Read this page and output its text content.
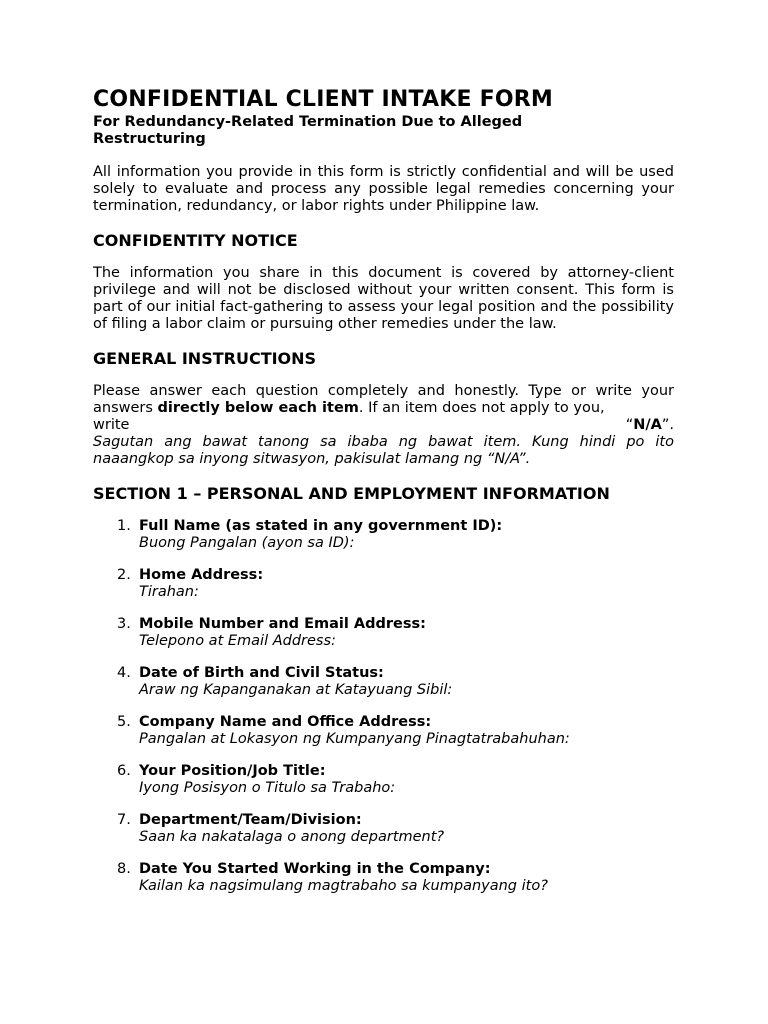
CONFIDENTIAL CLIENT INTAKE FORM
For Redundancy-Related Termination Due to Alleged Restructuring

All information you provide in this form is strictly confidential and will be used solely to evaluate and process any possible legal remedies concerning your termination, redundancy, or labor rights under Philippine law.

CONFIDENTITY NOTICE

The information you share in this document is covered by attorney-client privilege and will not be disclosed without your written consent. This form is part of our initial fact-gathering to assess your legal position and the possibility of filing a labor claim or pursuing other remedies under the law.

GENERAL INSTRUCTIONS

Please answer each question completely and honestly. Type or write your answers directly below each item. If an item does not apply to you,

write	“N/A”.

Sagutan ang bawat tanong sa ibaba ng bawat item. Kung hindi po ito naaangkop sa inyong sitwasyon, pakisulat lamang ng “N/A”.

SECTION 1 – PERSONAL AND EMPLOYMENT INFORMATION
1. Full Name (as stated in any government ID):
Buong Pangalan (ayon sa ID):
2. Home Address:
Tirahan:
3. Mobile Number and Email Address:
Telepono at Email Address:
4. Date of Birth and Civil Status:
Araw ng Kapanganakan at Katayuang Sibil:
5. Company Name and Office Address:
Pangalan at Lokasyon ng Kumpanyang Pinagtatrabahuhan:
6. Your Position/Job Title:
Iyong Posisyon o Titulo sa Trabaho:
7. Department/Team/Division:
Saan ka nakatalaga o anong department?
8. Date You Started Working in the Company:
Kailan ka nagsimulang magtrabaho sa kumpanyang ito?
